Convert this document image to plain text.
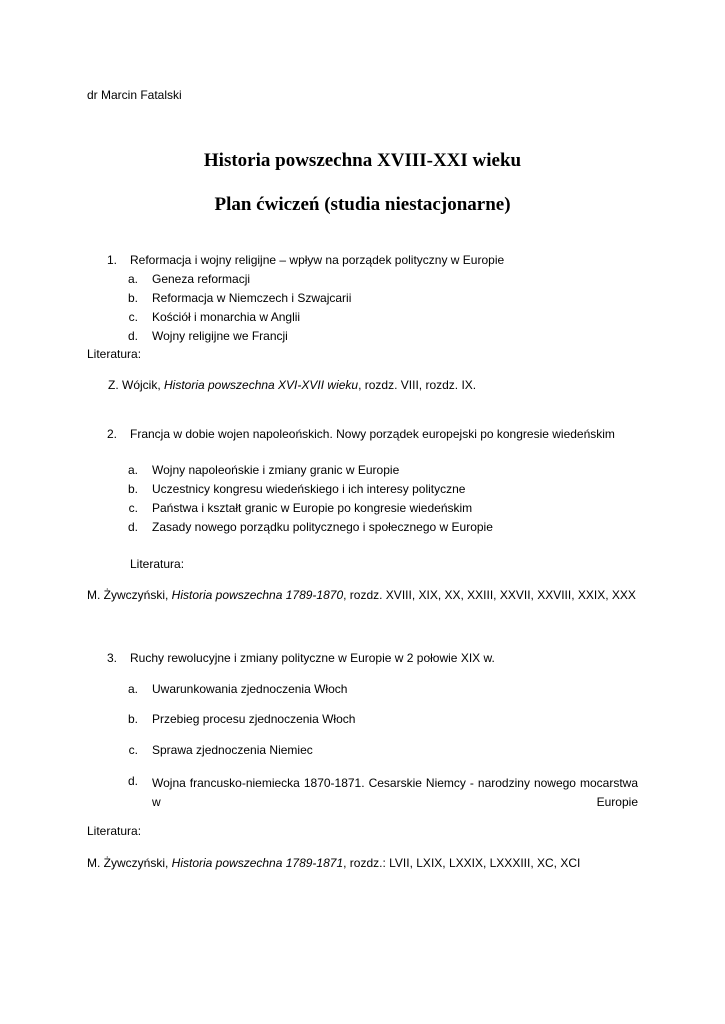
dr Marcin Fatalski
Historia powszechna XVIII-XXI wieku
Plan ćwiczeń (studia niestacjonarne)
1. Reformacja i wojny religijne – wpływ na porządek polityczny w Europie
a. Geneza reformacji
b. Reformacja w Niemczech i Szwajcarii
c. Kościół i monarchia w Anglii
d. Wojny religijne we Francji
Literatura:
Z. Wójcik, Historia powszechna XVI-XVII wieku, rozdz. VIII, rozdz. IX.
2. Francja w dobie wojen napoleońskich. Nowy porządek europejski po kongresie wiedeńskim
a. Wojny napoleońskie i zmiany granic w Europie
b. Uczestnicy kongresu wiedeńskiego i ich interesy polityczne
c. Państwa i kształt granic w Europie po kongresie wiedeńskim
d. Zasady nowego porządku politycznego i społecznego w Europie
Literatura:
M. Żywczyński, Historia powszechna 1789-1870, rozdz. XVIII, XIX, XX, XXIII, XXVII, XXVIII, XXIX, XXX
3. Ruchy rewolucyjne i zmiany polityczne w Europie w 2 połowie XIX w.
a. Uwarunkowania zjednoczenia Włoch
b. Przebieg procesu zjednoczenia Włoch
c. Sprawa zjednoczenia Niemiec
d. Wojna francusko-niemiecka 1870-1871. Cesarskie Niemcy - narodziny nowego mocarstwa w Europie
Literatura:
M. Żywczyński, Historia powszechna 1789-1871, rozdz.: LVII, LXIX, LXXIX, LXXXIII, XC, XCI
